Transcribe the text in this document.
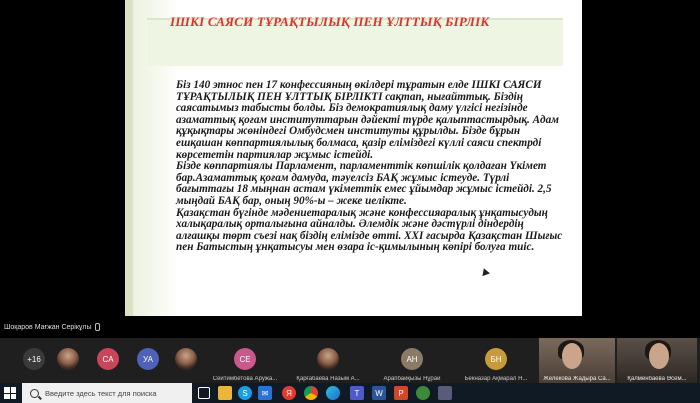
ІШКІ САЯСИ ТҰРАҚТЫЛЫҚ ПЕН ҰЛТТЫҚ БІРЛІК

Біз 140 этнос пен 17 конфессияның өкілдері тұратын елде ІШКІ САЯСИ ТҰРАҚТЫЛЫҚ ПЕН ҰЛТТЫҚ БІРЛІКТІ сақтап, нығайттық. Біздің саясатымыз табысты болды. Біз демократиялық даму үлгісі негізінде азаматтық қоғам институттарын дәйекті түрде қалыптастырдық. Адам құқықтары жөніндегі Омбудсмен институты құрылды. Бізде бұрын ешқашан көппартиялылық болмаса, қазір елімiздегі күллі саяси спектрді көрсететін партиялар жұмыс істейді.

Бізде көппартиялы Парламент, парламенттік көпшілік қолдаған Үкімет бар.Азаматтық қоғам дамуда, тәуелсіз БАҚ жұмыс істеуде. Түрлі бағыттағы 18 мыңнан астам үкіметтік емес ұйымдар жұмыс істейді. 2,5 мыңдай БАҚ бар, оның 90%-ы – жеке иелікте.

Қазақстан бүгінде мәдениетаралық және конфессияаралық ұнқатысудың халықаралық орталығына айналды. Әлемдік және дәстүрлі діндердің алғашқы төрт съезі нақ біздің елімізде өтті. XXI ғасырда Қазақстан Шығыс пен Батыстың ұнқатысуы мен өзара іс-қимылының көпірі болуға тиіс.

Шоқаров Мағжан Серікұлы
+16	CA	УА	СЕ
Сейтимбетова Аружа...	Қарғабаева Назым А...
АН
Арапбайқызы Нұрай
БН
Бекназар Ақмарал Н...	Желекова Жадыра Са...	Қалменбаева Әсем...
Введите здесь текст для поиска	S	✉	Я	T	W	P
